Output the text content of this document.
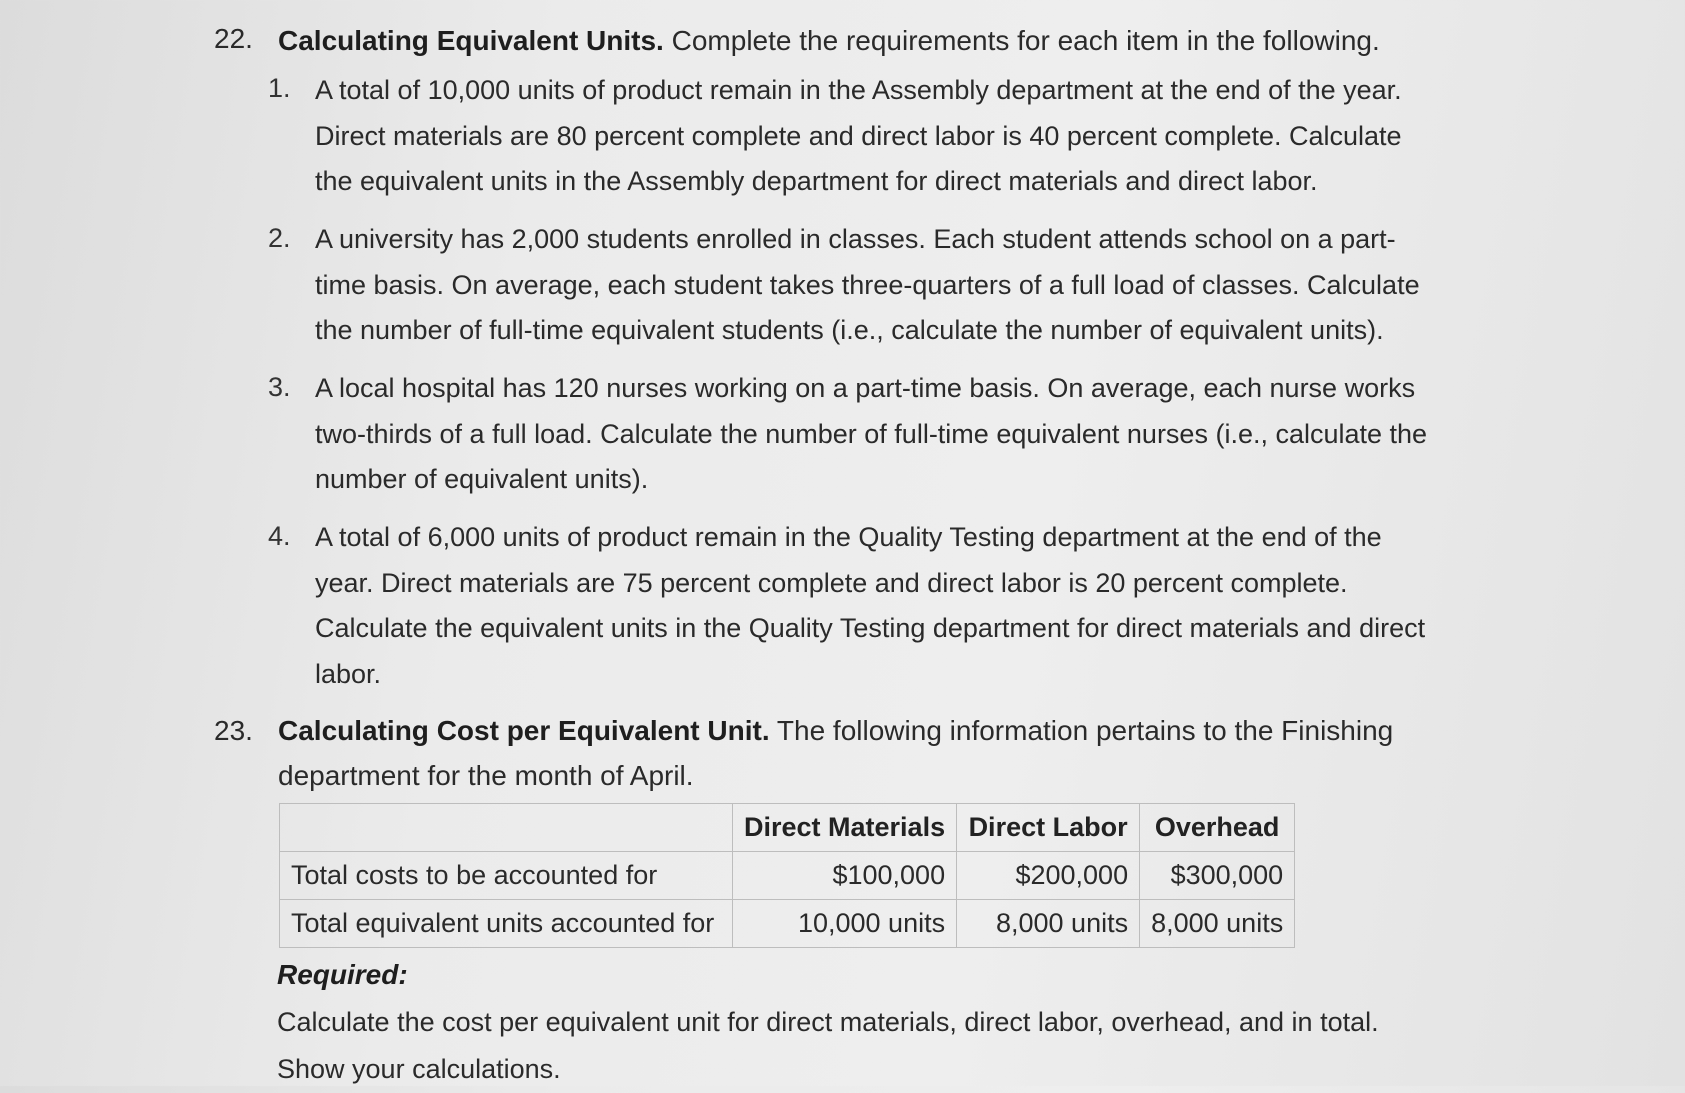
22. Calculating Equivalent Units. Complete the requirements for each item in the following.
1. A total of 10,000 units of product remain in the Assembly department at the end of the year.
Direct materials are 80 percent complete and direct labor is 40 percent complete. Calculate
the equivalent units in the Assembly department for direct materials and direct labor.
2. A university has 2,000 students enrolled in classes. Each student attends school on a part-
time basis. On average, each student takes three-quarters of a full load of classes. Calculate
the number of full-time equivalent students (i.e., calculate the number of equivalent units).
3. A local hospital has 120 nurses working on a part-time basis. On average, each nurse works
two-thirds of a full load. Calculate the number of full-time equivalent nurses (i.e., calculate the
number of equivalent units).
4. A total of 6,000 units of product remain in the Quality Testing department at the end of the
year. Direct materials are 75 percent complete and direct labor is 20 percent complete.
Calculate the equivalent units in the Quality Testing department for direct materials and direct
labor.
23. Calculating Cost per Equivalent Unit. The following information pertains to the Finishing
department for the month of April.
	Direct Materials	Direct Labor	Overhead
Total costs to be accounted for	$100,000	$200,000	$300,000
Total equivalent units accounted for	10,000 units	8,000 units	8,000 units
Required:
Calculate the cost per equivalent unit for direct materials, direct labor, overhead, and in total.
Show your calculations.
